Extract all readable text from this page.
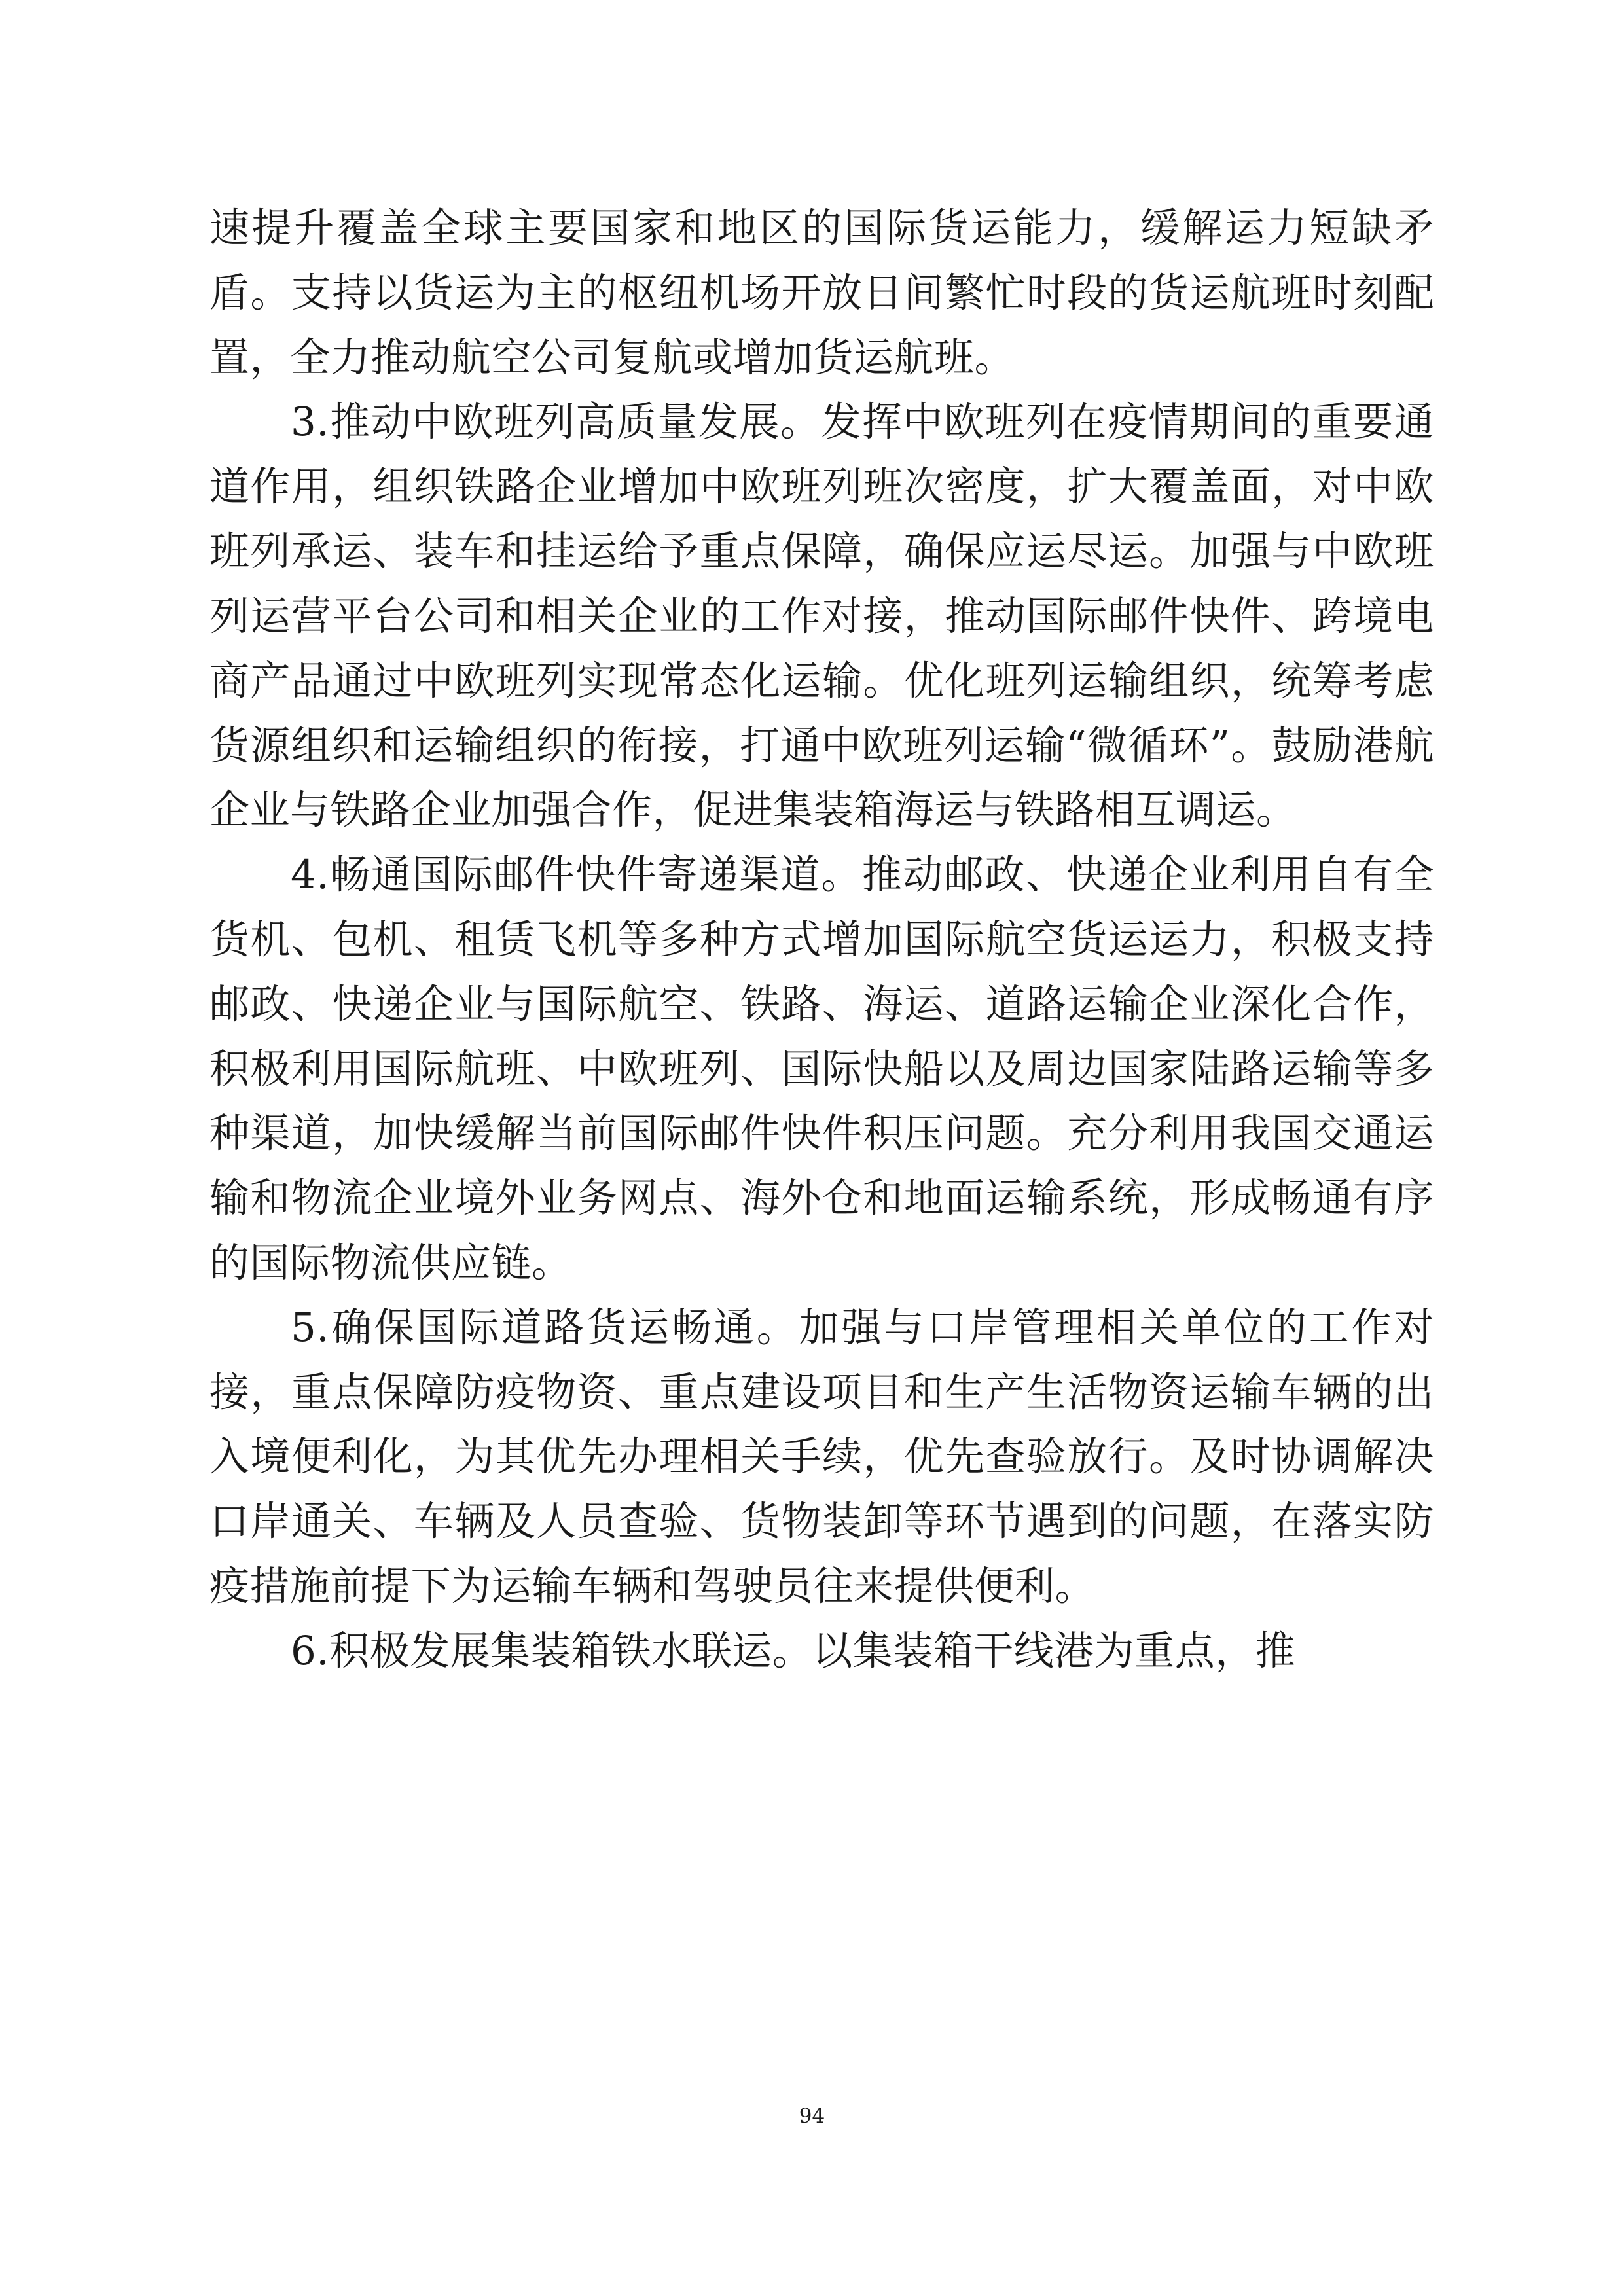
速提升覆盖全球主要国家和地区的国际货运能力，缓解运力短缺矛盾。支持以货运为主的枢纽机场开放日间繁忙时段的货运航班时刻配置，全力推动航空公司复航或增加货运航班。

3.推动中欧班列高质量发展。发挥中欧班列在疫情期间的重要通道作用，组织铁路企业增加中欧班列班次密度，扩大覆盖面，对中欧班列承运、装车和挂运给予重点保障，确保应运尽运。加强与中欧班列运营平台公司和相关企业的工作对接，推动国际邮件快件、跨境电商产品通过中欧班列实现常态化运输。优化班列运输组织，统筹考虑货源组织和运输组织的衔接，打通中欧班列运输“微循环”。鼓励港航企业与铁路企业加强合作，促进集装箱海运与铁路相互调运。

4.畅通国际邮件快件寄递渠道。推动邮政、快递企业利用自有全货机、包机、租赁飞机等多种方式增加国际航空货运运力，积极支持邮政、快递企业与国际航空、铁路、海运、道路运输企业深化合作，积极利用国际航班、中欧班列、国际快船以及周边国家陆路运输等多种渠道，加快缓解当前国际邮件快件积压问题。充分利用我国交通运输和物流企业境外业务网点、海外仓和地面运输系统，形成畅通有序的国际物流供应链。

5.确保国际道路货运畅通。加强与口岸管理相关单位的工作对接，重点保障防疫物资、重点建设项目和生产生活物资运输车辆的出入境便利化，为其优先办理相关手续，优先查验放行。及时协调解决口岸通关、车辆及人员查验、货物装卸等环节遇到的问题，在落实防疫措施前提下为运输车辆和驾驶员往来提供便利。

6.积极发展集装箱铁水联运。以集装箱干线港为重点，推

94
